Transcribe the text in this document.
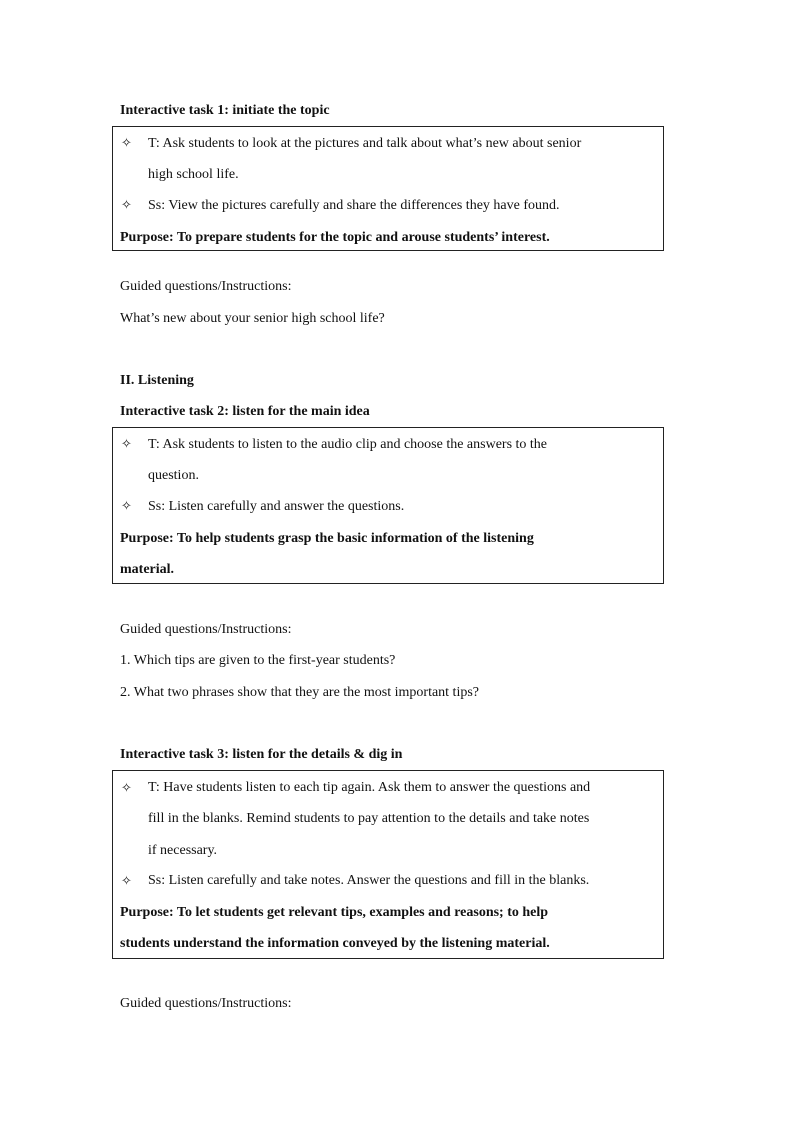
Interactive task 1: initiate the topic
✧ T: Ask students to look at the pictures and talk about what’s new about senior
high school life.
✧ Ss: View the pictures carefully and share the differences they have found.
Purpose: To prepare students for the topic and arouse students’ interest.
Guided questions/Instructions:
What’s new about your senior high school life?
II. Listening
Interactive task 2: listen for the main idea
✧ T: Ask students to listen to the audio clip and choose the answers to the
question.
✧ Ss: Listen carefully and answer the questions.
Purpose: To help students grasp the basic information of the listening
material.
Guided questions/Instructions:
1. Which tips are given to the first-year students?
2. What two phrases show that they are the most important tips?
Interactive task 3: listen for the details & dig in
✧ T: Have students listen to each tip again. Ask them to answer the questions and
fill in the blanks. Remind students to pay attention to the details and take notes
if necessary.
✧ Ss: Listen carefully and take notes. Answer the questions and fill in the blanks.
Purpose: To let students get relevant tips, examples and reasons; to help
students understand the information conveyed by the listening material.
Guided questions/Instructions:
